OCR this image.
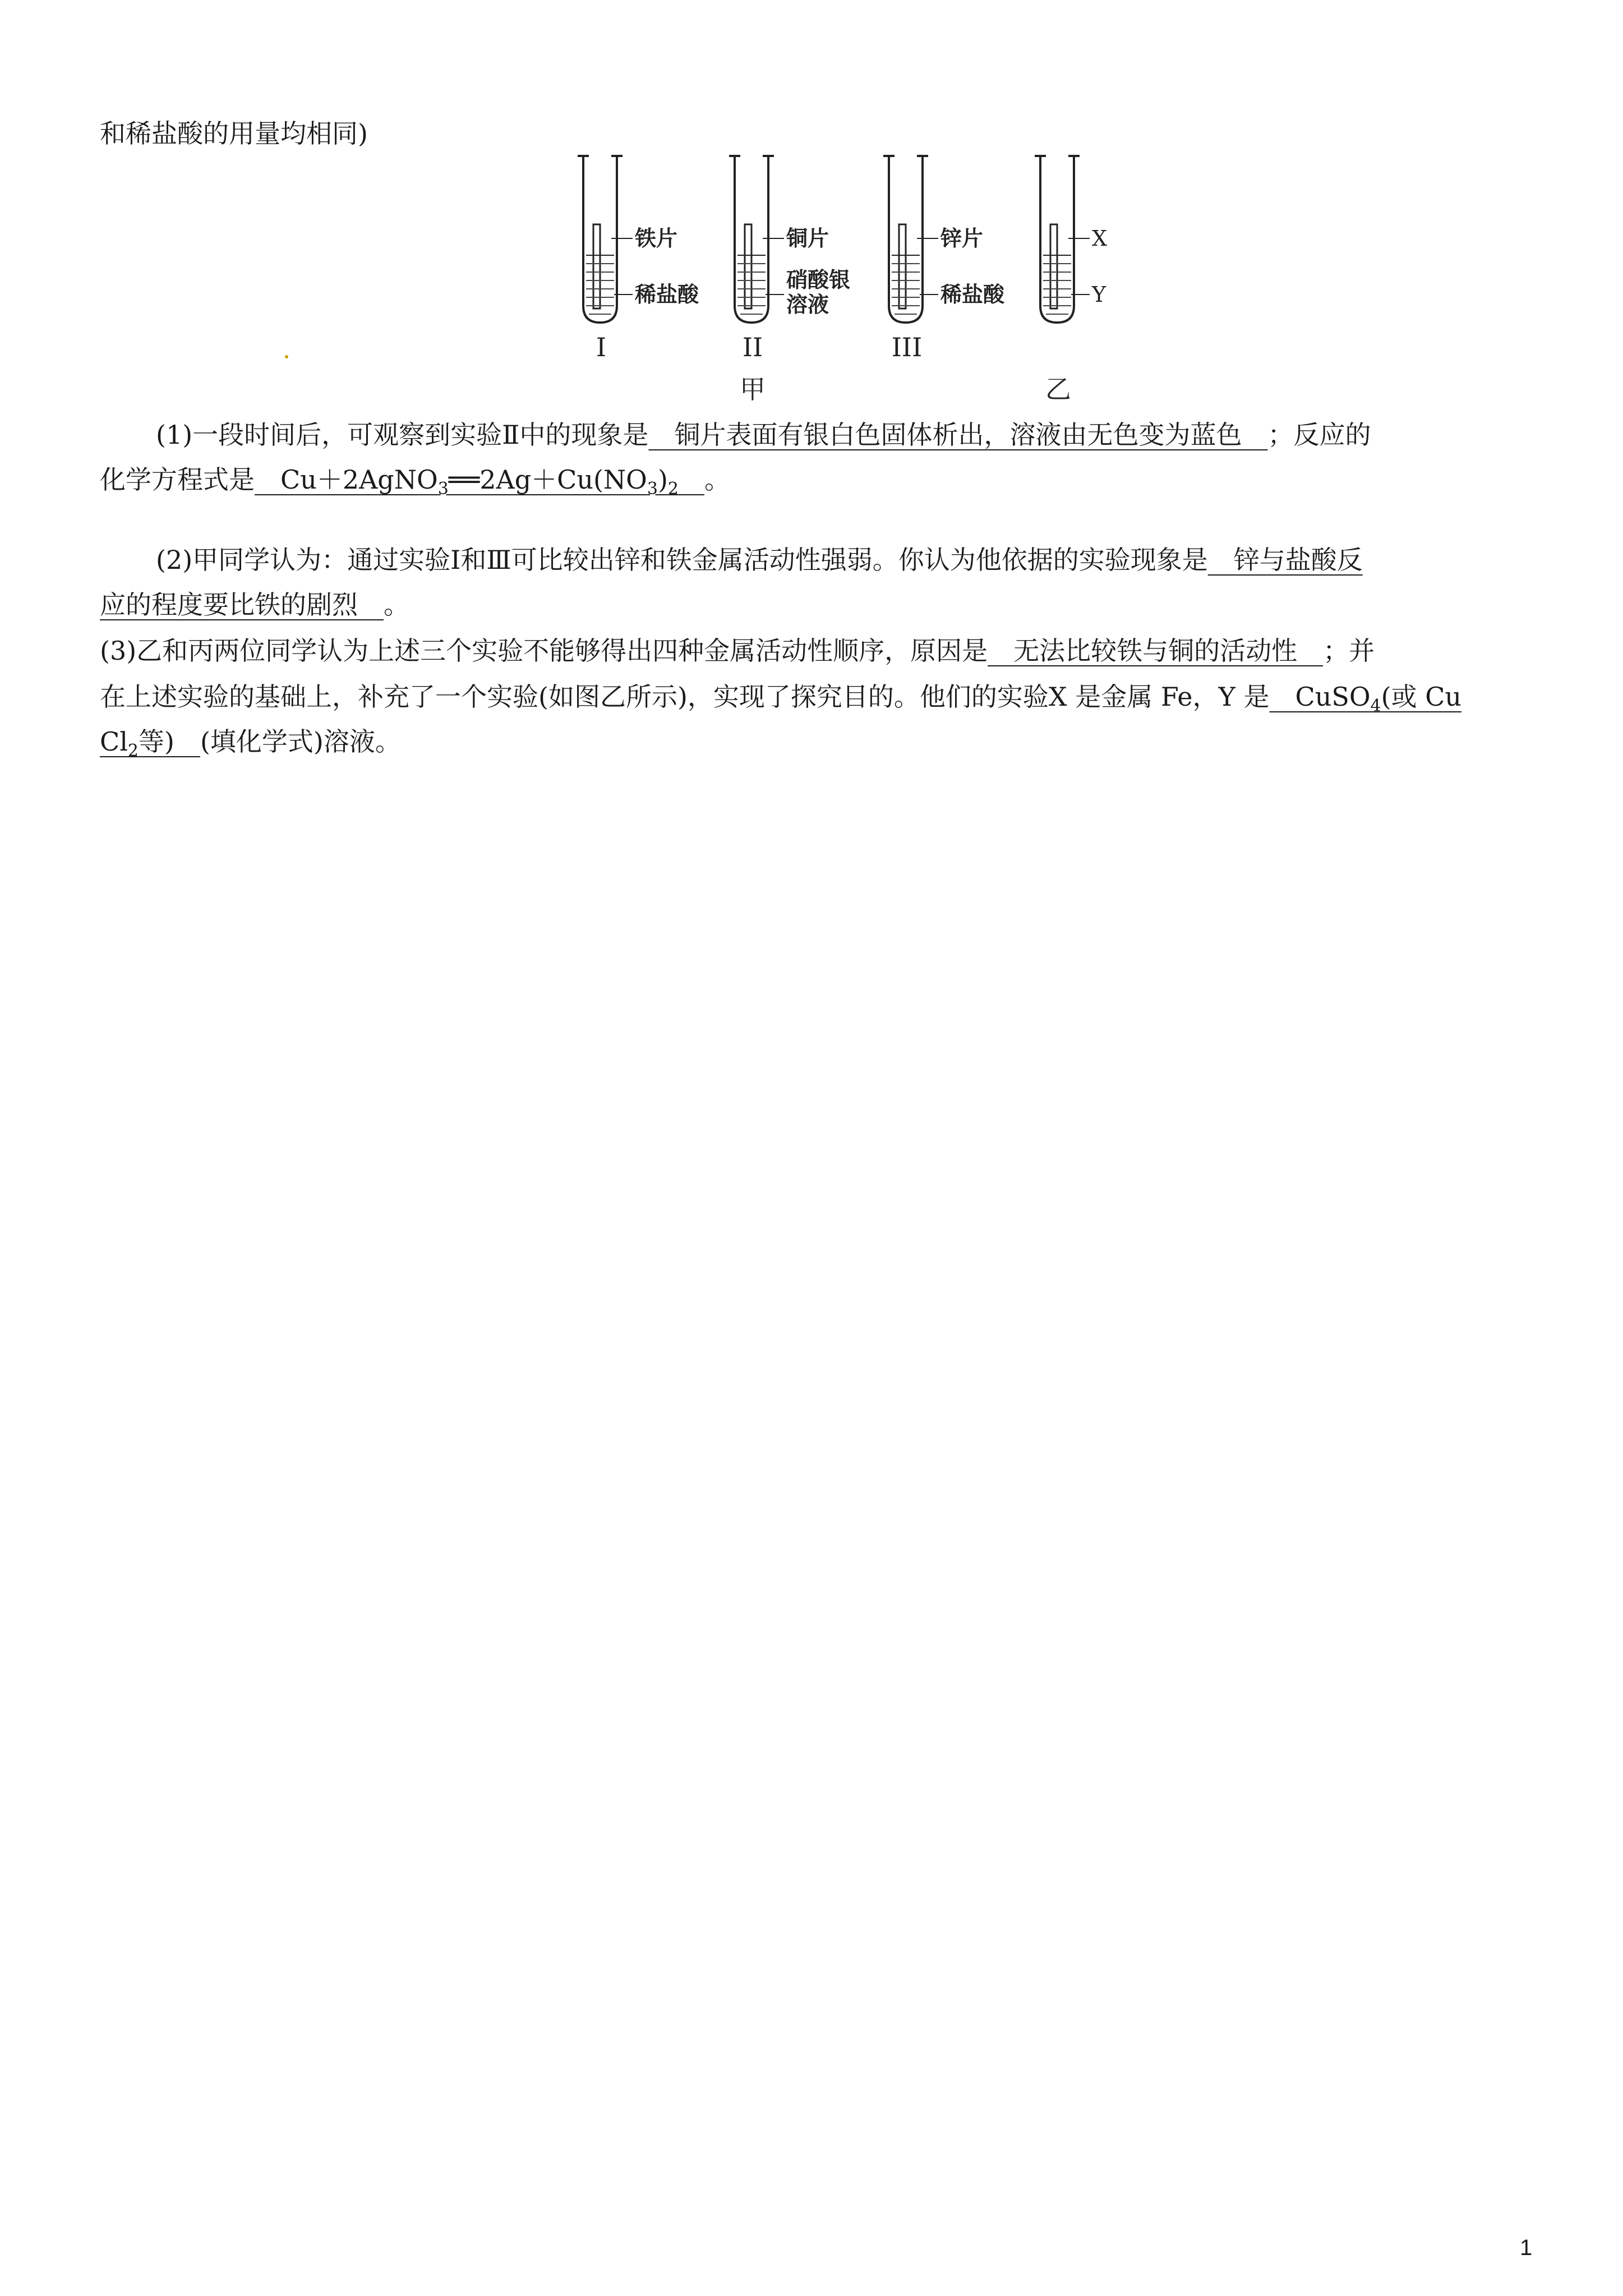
和稀盐酸的用量均相同)
铁片
稀盐酸
铜片
硝酸银
溶液
锌片
稀盐酸
X
Y
I	II	III
甲	乙
(1)一段时间后，可观察到实验Ⅱ中的现象是　铜片表面有银白色固体析出，溶液由无色变为蓝色　；反应的
化学方程式是　$Cu+2AgNO_3══2Ag+Cu(NO_3)_2$　 。
(2)甲同学认为：通过实验Ⅰ和Ⅲ可比较出锌和铁金属活动性强弱。你认为他依据的实验现象是　锌与盐酸反
应的程度要比铁的剧烈　。
(3)乙和丙两位同学认为上述三个实验不能够得出四种金属活动性顺序，原因是　无法比较铁与铜的活动性　；并
在上述实验的基础上，补充了一个实验(如图乙所示)，实现了探究目的。他们的实验X 是金属 Fe，Y 是　CuSO$_4$(或 Cu
$Cl_2$等)　(填化学式)溶液。
1
